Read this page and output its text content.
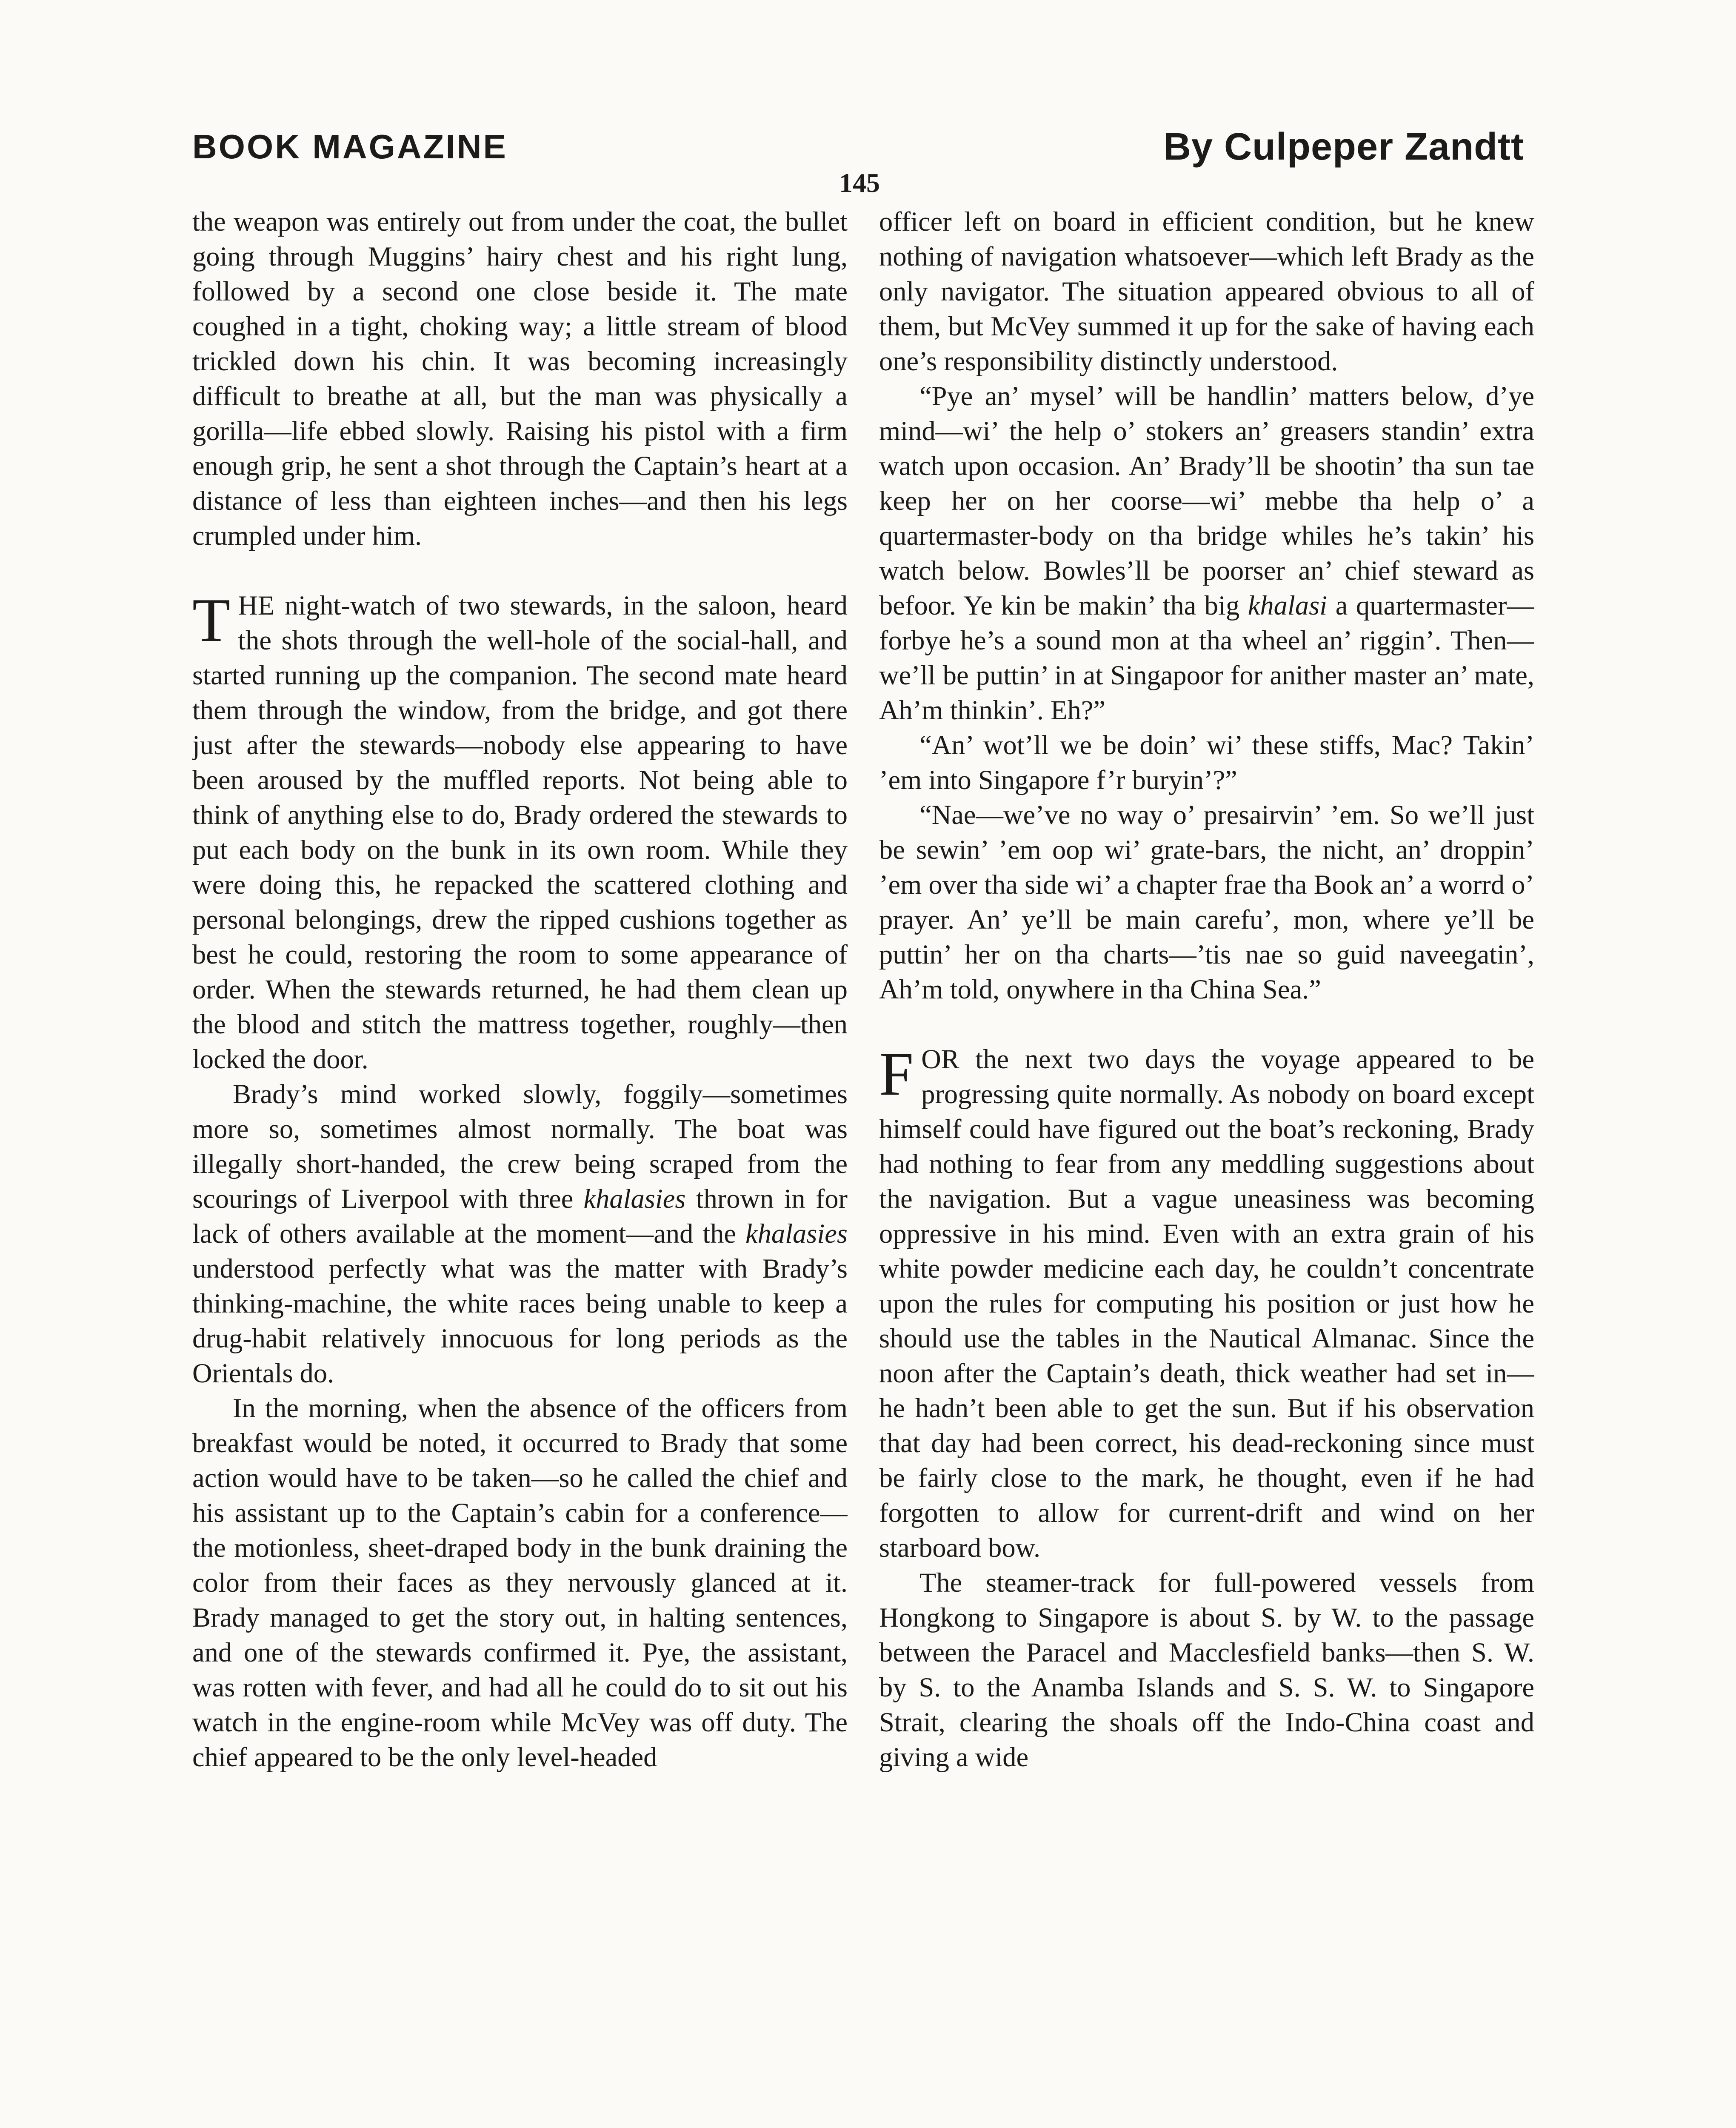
BOOK MAGAZINE	By Culpeper Zandtt
145

the weapon was entirely out from under the coat, the bullet going through Muggins’ hairy chest and his right lung, followed by a second one close beside it. The mate coughed in a tight, choking way; a little stream of blood trickled down his chin. It was becoming increasingly difficult to breathe at all, but the man was physically a gorilla—life ebbed slowly. Raising his pistol with a firm enough grip, he sent a shot through the Captain’s heart at a distance of less than eighteen inches—and then his legs crumpled under him.

THE night-watch of two stewards, in the saloon, heard the shots through the well-hole of the social-hall, and started running up the companion. The second mate heard them through the window, from the bridge, and got there just after the stewards—nobody else appearing to have been aroused by the muffled reports. Not being able to think of anything else to do, Brady ordered the stewards to put each body on the bunk in its own room. While they were doing this, he repacked the scattered clothing and personal belongings, drew the ripped cushions together as best he could, restoring the room to some appearance of order. When the stewards returned, he had them clean up the blood and stitch the mattress together, roughly—then locked the door.

Brady’s mind worked slowly, foggily—sometimes more so, sometimes almost normally. The boat was illegally short-handed, the crew being scraped from the scourings of Liverpool with three khalasies thrown in for lack of others available at the moment—and the khalasies understood perfectly what was the matter with Brady’s thinking-machine, the white races being unable to keep a drug-habit relatively innocuous for long periods as the Orientals do.

In the morning, when the absence of the officers from breakfast would be noted, it occurred to Brady that some action would have to be taken—so he called the chief and his assistant up to the Captain’s cabin for a conference—the motionless, sheet-draped body in the bunk draining the color from their faces as they nervously glanced at it. Brady managed to get the story out, in halting sentences, and one of the stewards confirmed it. Pye, the assistant, was rotten with fever, and had all he could do to sit out his watch in the engine-room while McVey was off duty. The chief appeared to be the only level-headed

officer left on board in efficient condition, but he knew nothing of navigation whatsoever—which left Brady as the only navigator. The situation appeared obvious to all of them, but McVey summed it up for the sake of having each one’s responsibility distinctly understood.

“Pye an’ mysel’ will be handlin’ matters below, d’ye mind—wi’ the help o’ stokers an’ greasers standin’ extra watch upon occasion. An’ Brady’ll be shootin’ tha sun tae keep her on her coorse—wi’ mebbe tha help o’ a quartermaster-body on tha bridge whiles he’s takin’ his watch below. Bowles’ll be poorser an’ chief steward as befoor. Ye kin be makin’ tha big khalasi a quartermaster—forbye he’s a sound mon at tha wheel an’ riggin’. Then—we’ll be puttin’ in at Singapoor for anither master an’ mate, Ah’m thinkin’. Eh?”

“An’ wot’ll we be doin’ wi’ these stiffs, Mac? Takin’ ’em into Singapore f’r buryin’?”

“Nae—we’ve no way o’ presairvin’ ’em. So we’ll just be sewin’ ’em oop wi’ grate-bars, the nicht, an’ droppin’ ’em over tha side wi’ a chapter frae tha Book an’ a worrd o’ prayer. An’ ye’ll be main carefu’, mon, where ye’ll be puttin’ her on tha charts—’tis nae so guid naveegatin’, Ah’m told, onywhere in tha China Sea.”

FOR the next two days the voyage appeared to be progressing quite normally. As nobody on board except himself could have figured out the boat’s reckoning, Brady had nothing to fear from any meddling suggestions about the navigation. But a vague uneasiness was becoming oppressive in his mind. Even with an extra grain of his white powder medicine each day, he couldn’t concentrate upon the rules for computing his position or just how he should use the tables in the Nautical Almanac. Since the noon after the Captain’s death, thick weather had set in—he hadn’t been able to get the sun. But if his observation that day had been correct, his dead-reckoning since must be fairly close to the mark, he thought, even if he had forgotten to allow for current-drift and wind on her starboard bow.

The steamer-track for full-powered vessels from Hongkong to Singapore is about S. by W. to the passage between the Paracel and Macclesfield banks—then S. W. by S. to the Anamba Islands and S. S. W. to Singapore Strait, clearing the shoals off the Indo-China coast and giving a wide
